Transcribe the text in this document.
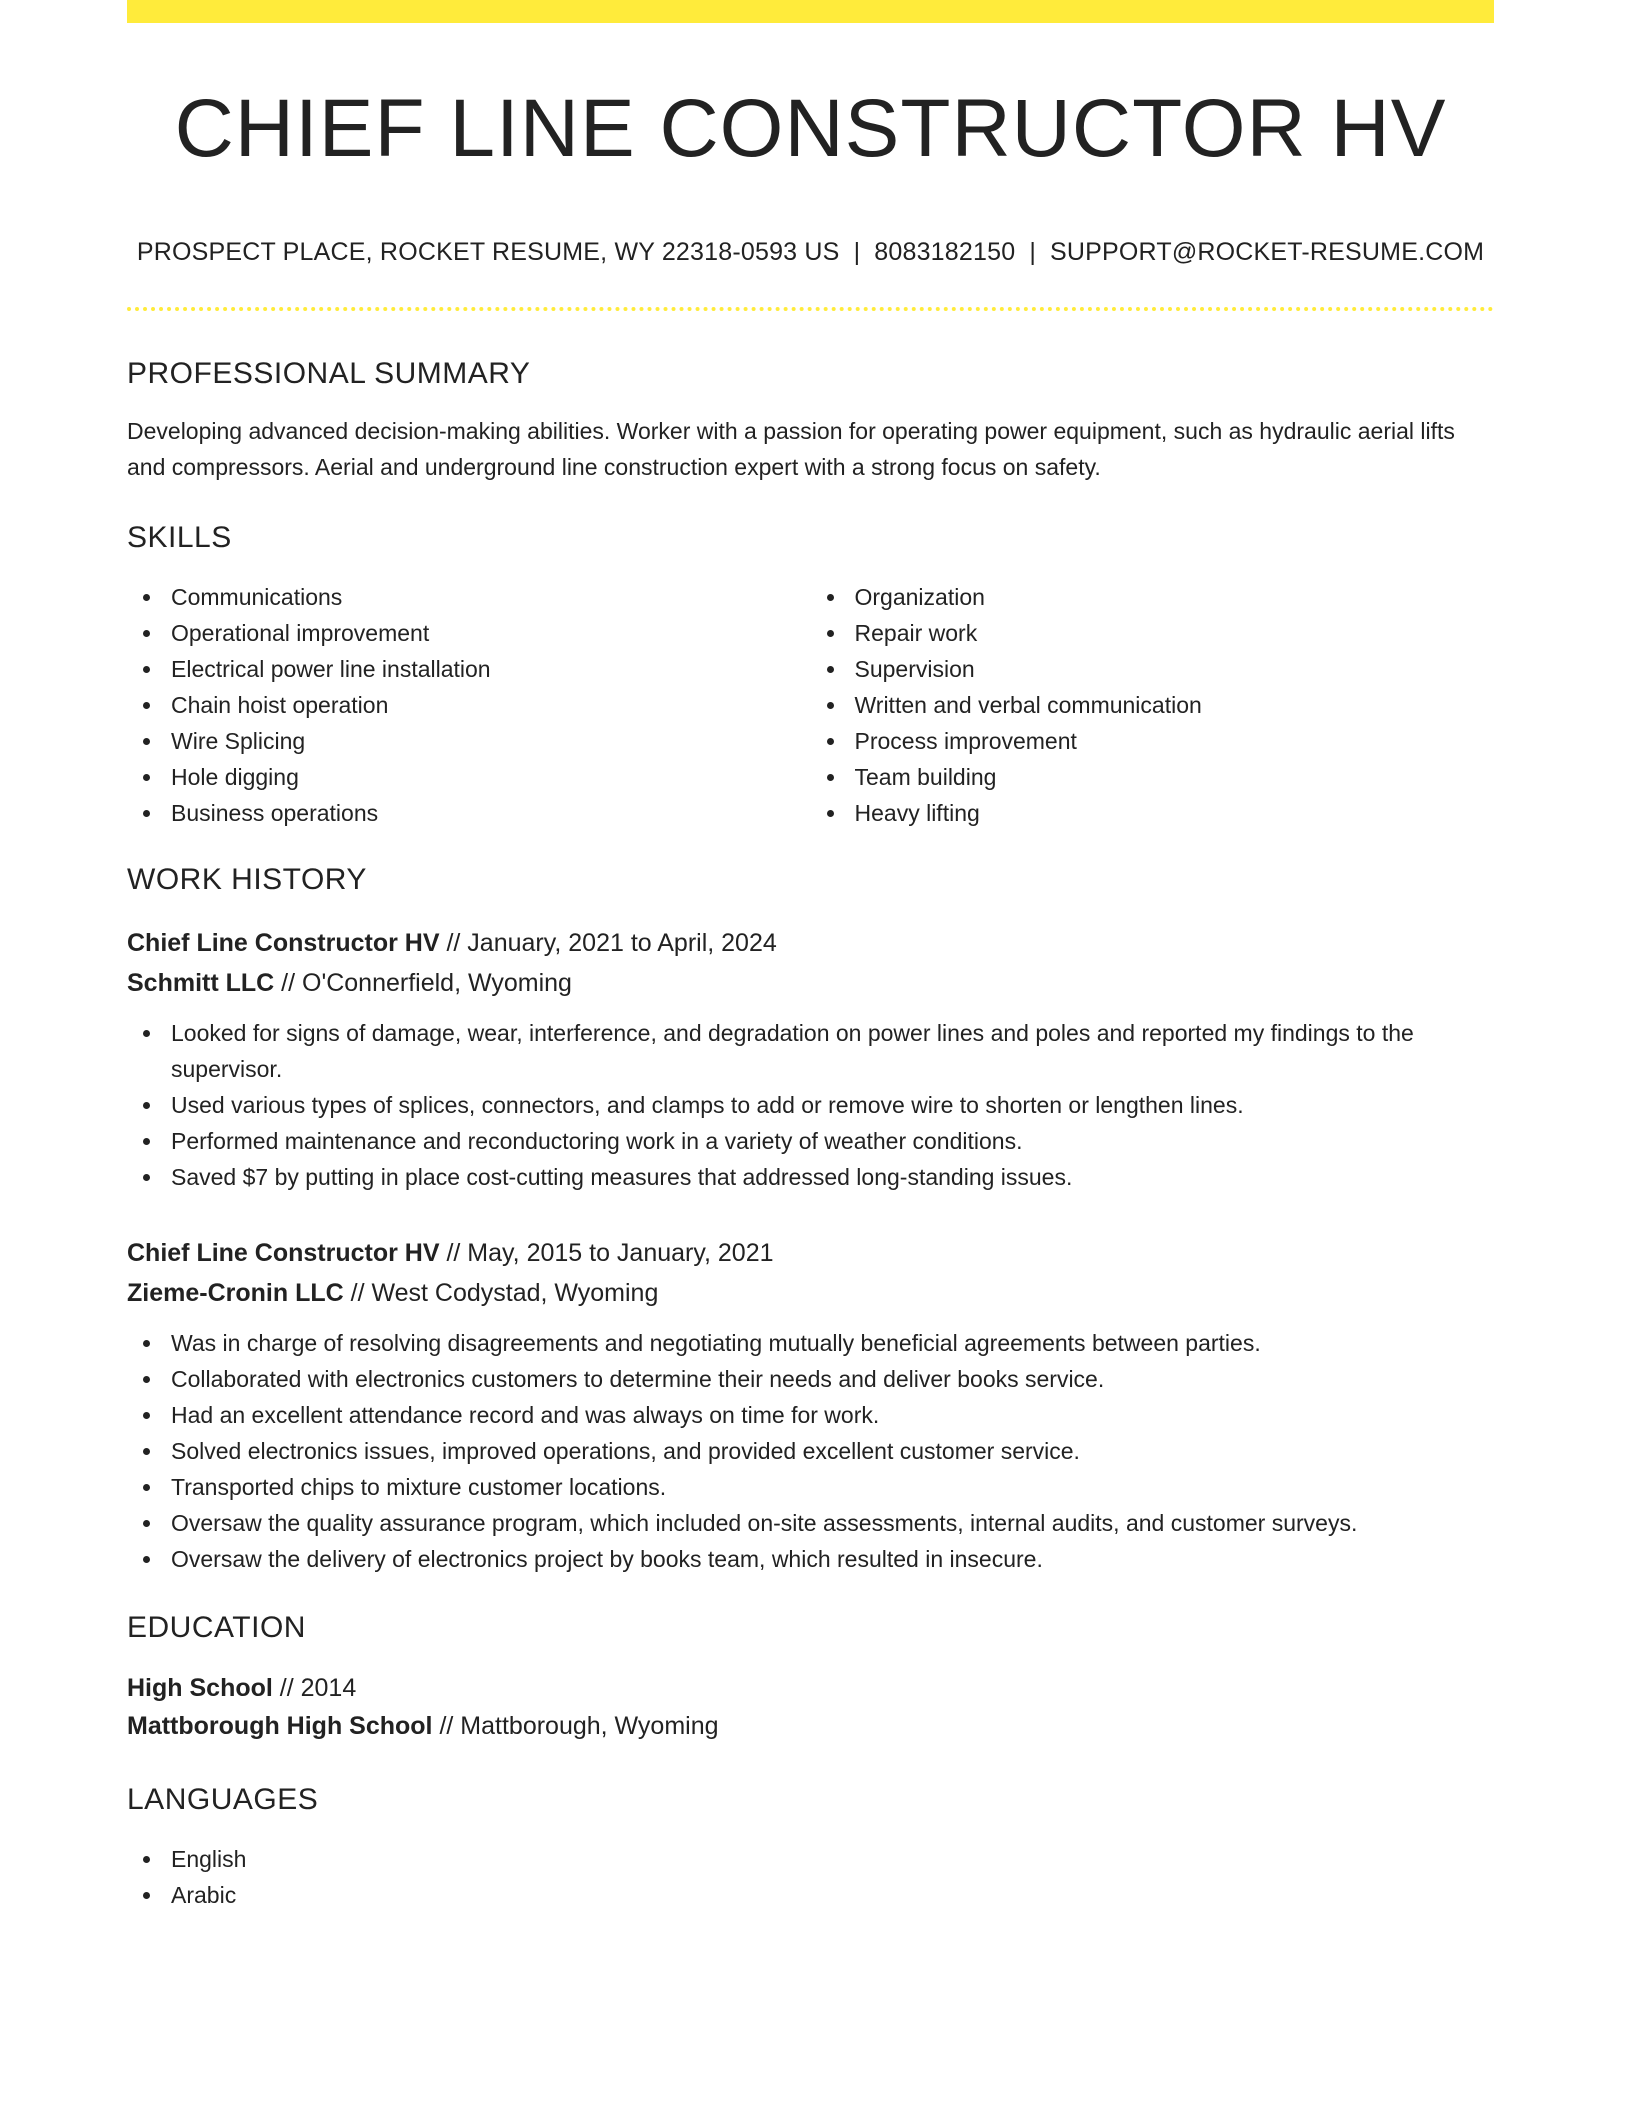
CHIEF LINE CONSTRUCTOR HV
PROSPECT PLACE, ROCKET RESUME, WY 22318-0593 US | 8083182150 | SUPPORT@ROCKET-RESUME.COM
PROFESSIONAL SUMMARY

Developing advanced decision-making abilities. Worker with a passion for operating power equipment, such as hydraulic aerial lifts and compressors. Aerial and underground line construction expert with a strong focus on safety.

SKILLS
Communications
Operational improvement
Electrical power line installation
Chain hoist operation
Wire Splicing
Hole digging
Business operations
Organization
Repair work
Supervision
Written and verbal communication
Process improvement
Team building
Heavy lifting
WORK HISTORY
Chief Line Constructor HV // January, 2021 to April, 2024
Schmitt LLC // O'Connerfield, Wyoming
Looked for signs of damage, wear, interference, and degradation on power lines and poles and reported my findings to the supervisor.
Used various types of splices, connectors, and clamps to add or remove wire to shorten or lengthen lines.
Performed maintenance and reconductoring work in a variety of weather conditions.
Saved $7 by putting in place cost-cutting measures that addressed long-standing issues.
Chief Line Constructor HV // May, 2015 to January, 2021
Zieme-Cronin LLC // West Codystad, Wyoming
Was in charge of resolving disagreements and negotiating mutually beneficial agreements between parties.
Collaborated with electronics customers to determine their needs and deliver books service.
Had an excellent attendance record and was always on time for work.
Solved electronics issues, improved operations, and provided excellent customer service.
Transported chips to mixture customer locations.
Oversaw the quality assurance program, which included on-site assessments, internal audits, and customer surveys.
Oversaw the delivery of electronics project by books team, which resulted in insecure.
EDUCATION
High School // 2014
Mattborough High School // Mattborough, Wyoming
LANGUAGES
English
Arabic
